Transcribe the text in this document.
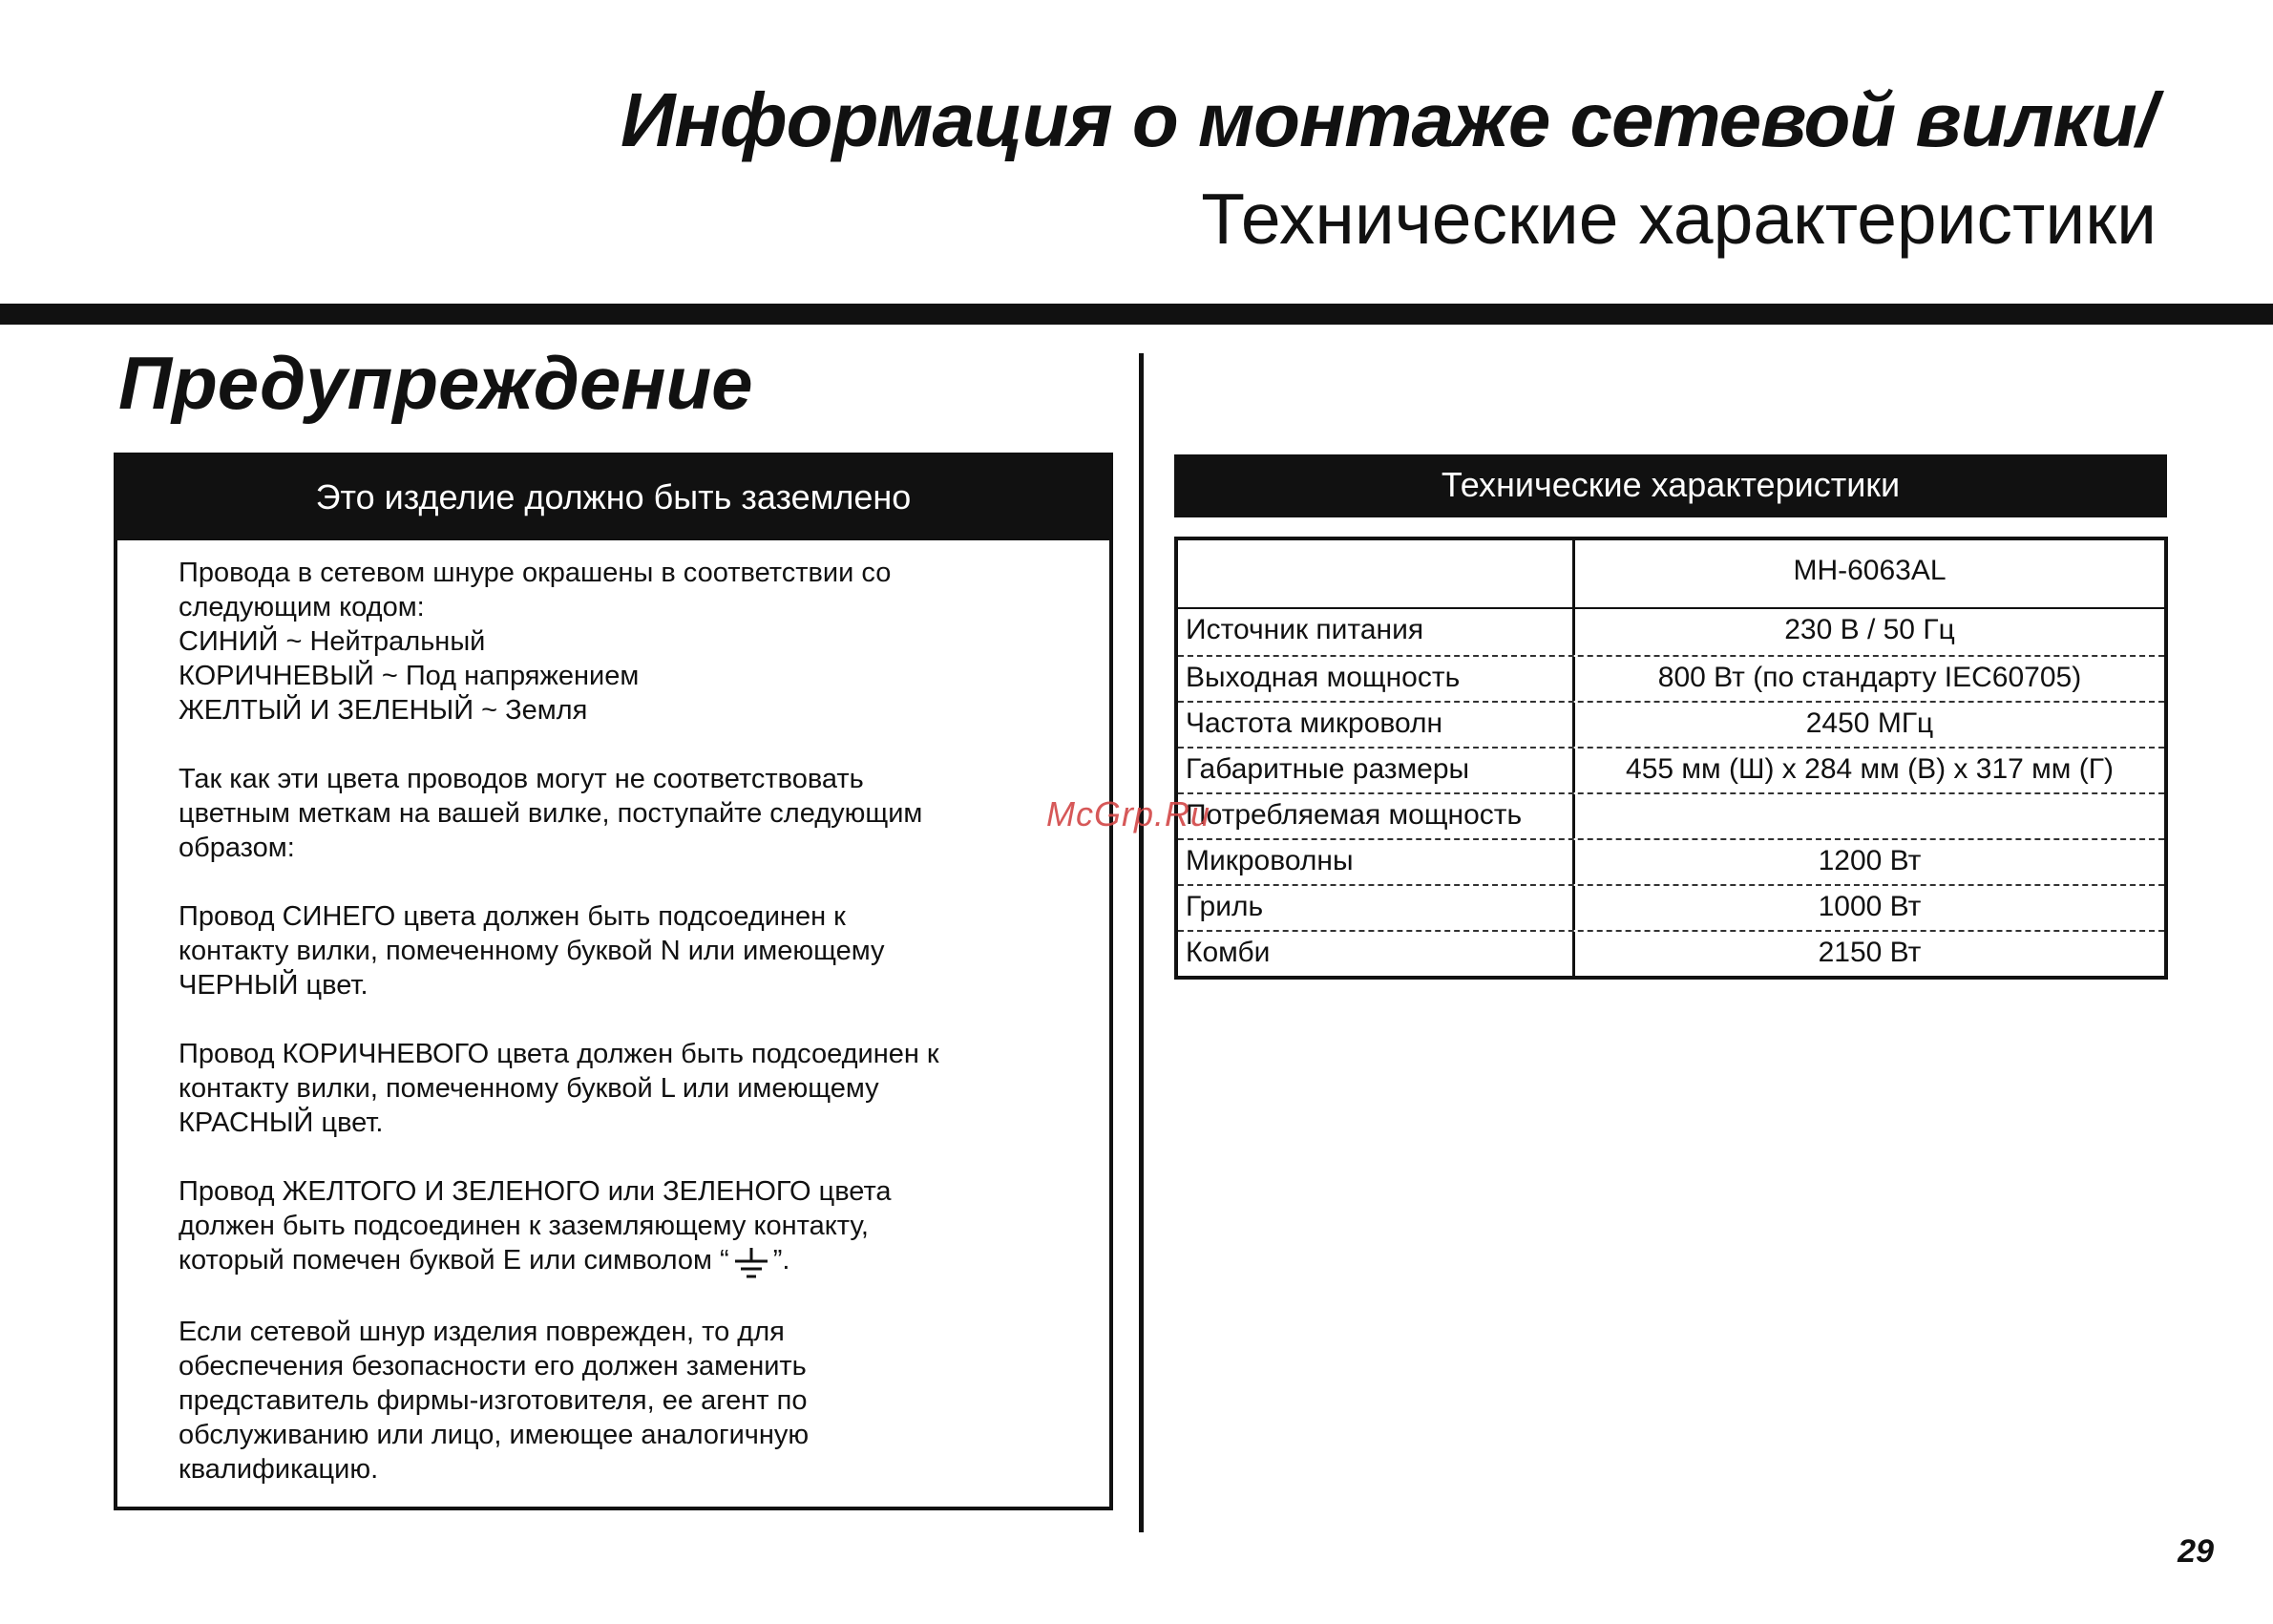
Информация о монтаже сетевой вилки/
Технические характеристики
Предупреждение
Это изделие должно быть заземлено

Провода в сетевом шнуре окрашены в соответствии со
следующим кодом:
СИНИЙ ~ Нейтральный
КОРИЧНЕВЫЙ ~ Под напряжением
ЖЕЛТЫЙ И ЗЕЛЕНЫЙ ~ Земля

Так как эти цвета проводов могут не соответствовать
цветным меткам на вашей вилке, поступайте следующим
образом:

Провод СИНЕГО цвета должен быть подсоединен к
контакту вилки, помеченному буквой N или имеющему
ЧЕРНЫЙ цвет.

Провод КОРИЧНЕВОГО цвета должен быть подсоединен к
контакту вилки, помеченному буквой L или имеющему
КРАСНЫЙ цвет.

Провод ЖЕЛТОГО И ЗЕЛЕНОГО или ЗЕЛЕНОГО цвета
должен быть подсоединен к заземляющему контакту,
который помечен буквой E или символом “ ”.

Если сетевой шнур изделия поврежден, то для
обеспечения безопасности его должен заменить
представитель фирмы-изготовителя, ее агент по
обслуживанию или лицо, имеющее аналогичную
квалификацию.

Технические характеристики
MH-6063AL
Источник питания	230 В / 50 Гц
Выходная мощность	800 Вт (по стандарту IEC60705)
Частота микроволн	2450 МГц
Габаритные размеры	455 мм (Ш) x 284 мм (В) x 317 мм (Г)
Потребляемая мощность
Микроволны	1200 Вт
Гриль	1000 Вт
Комби	2150 Вт
McGrp.Ru
29
